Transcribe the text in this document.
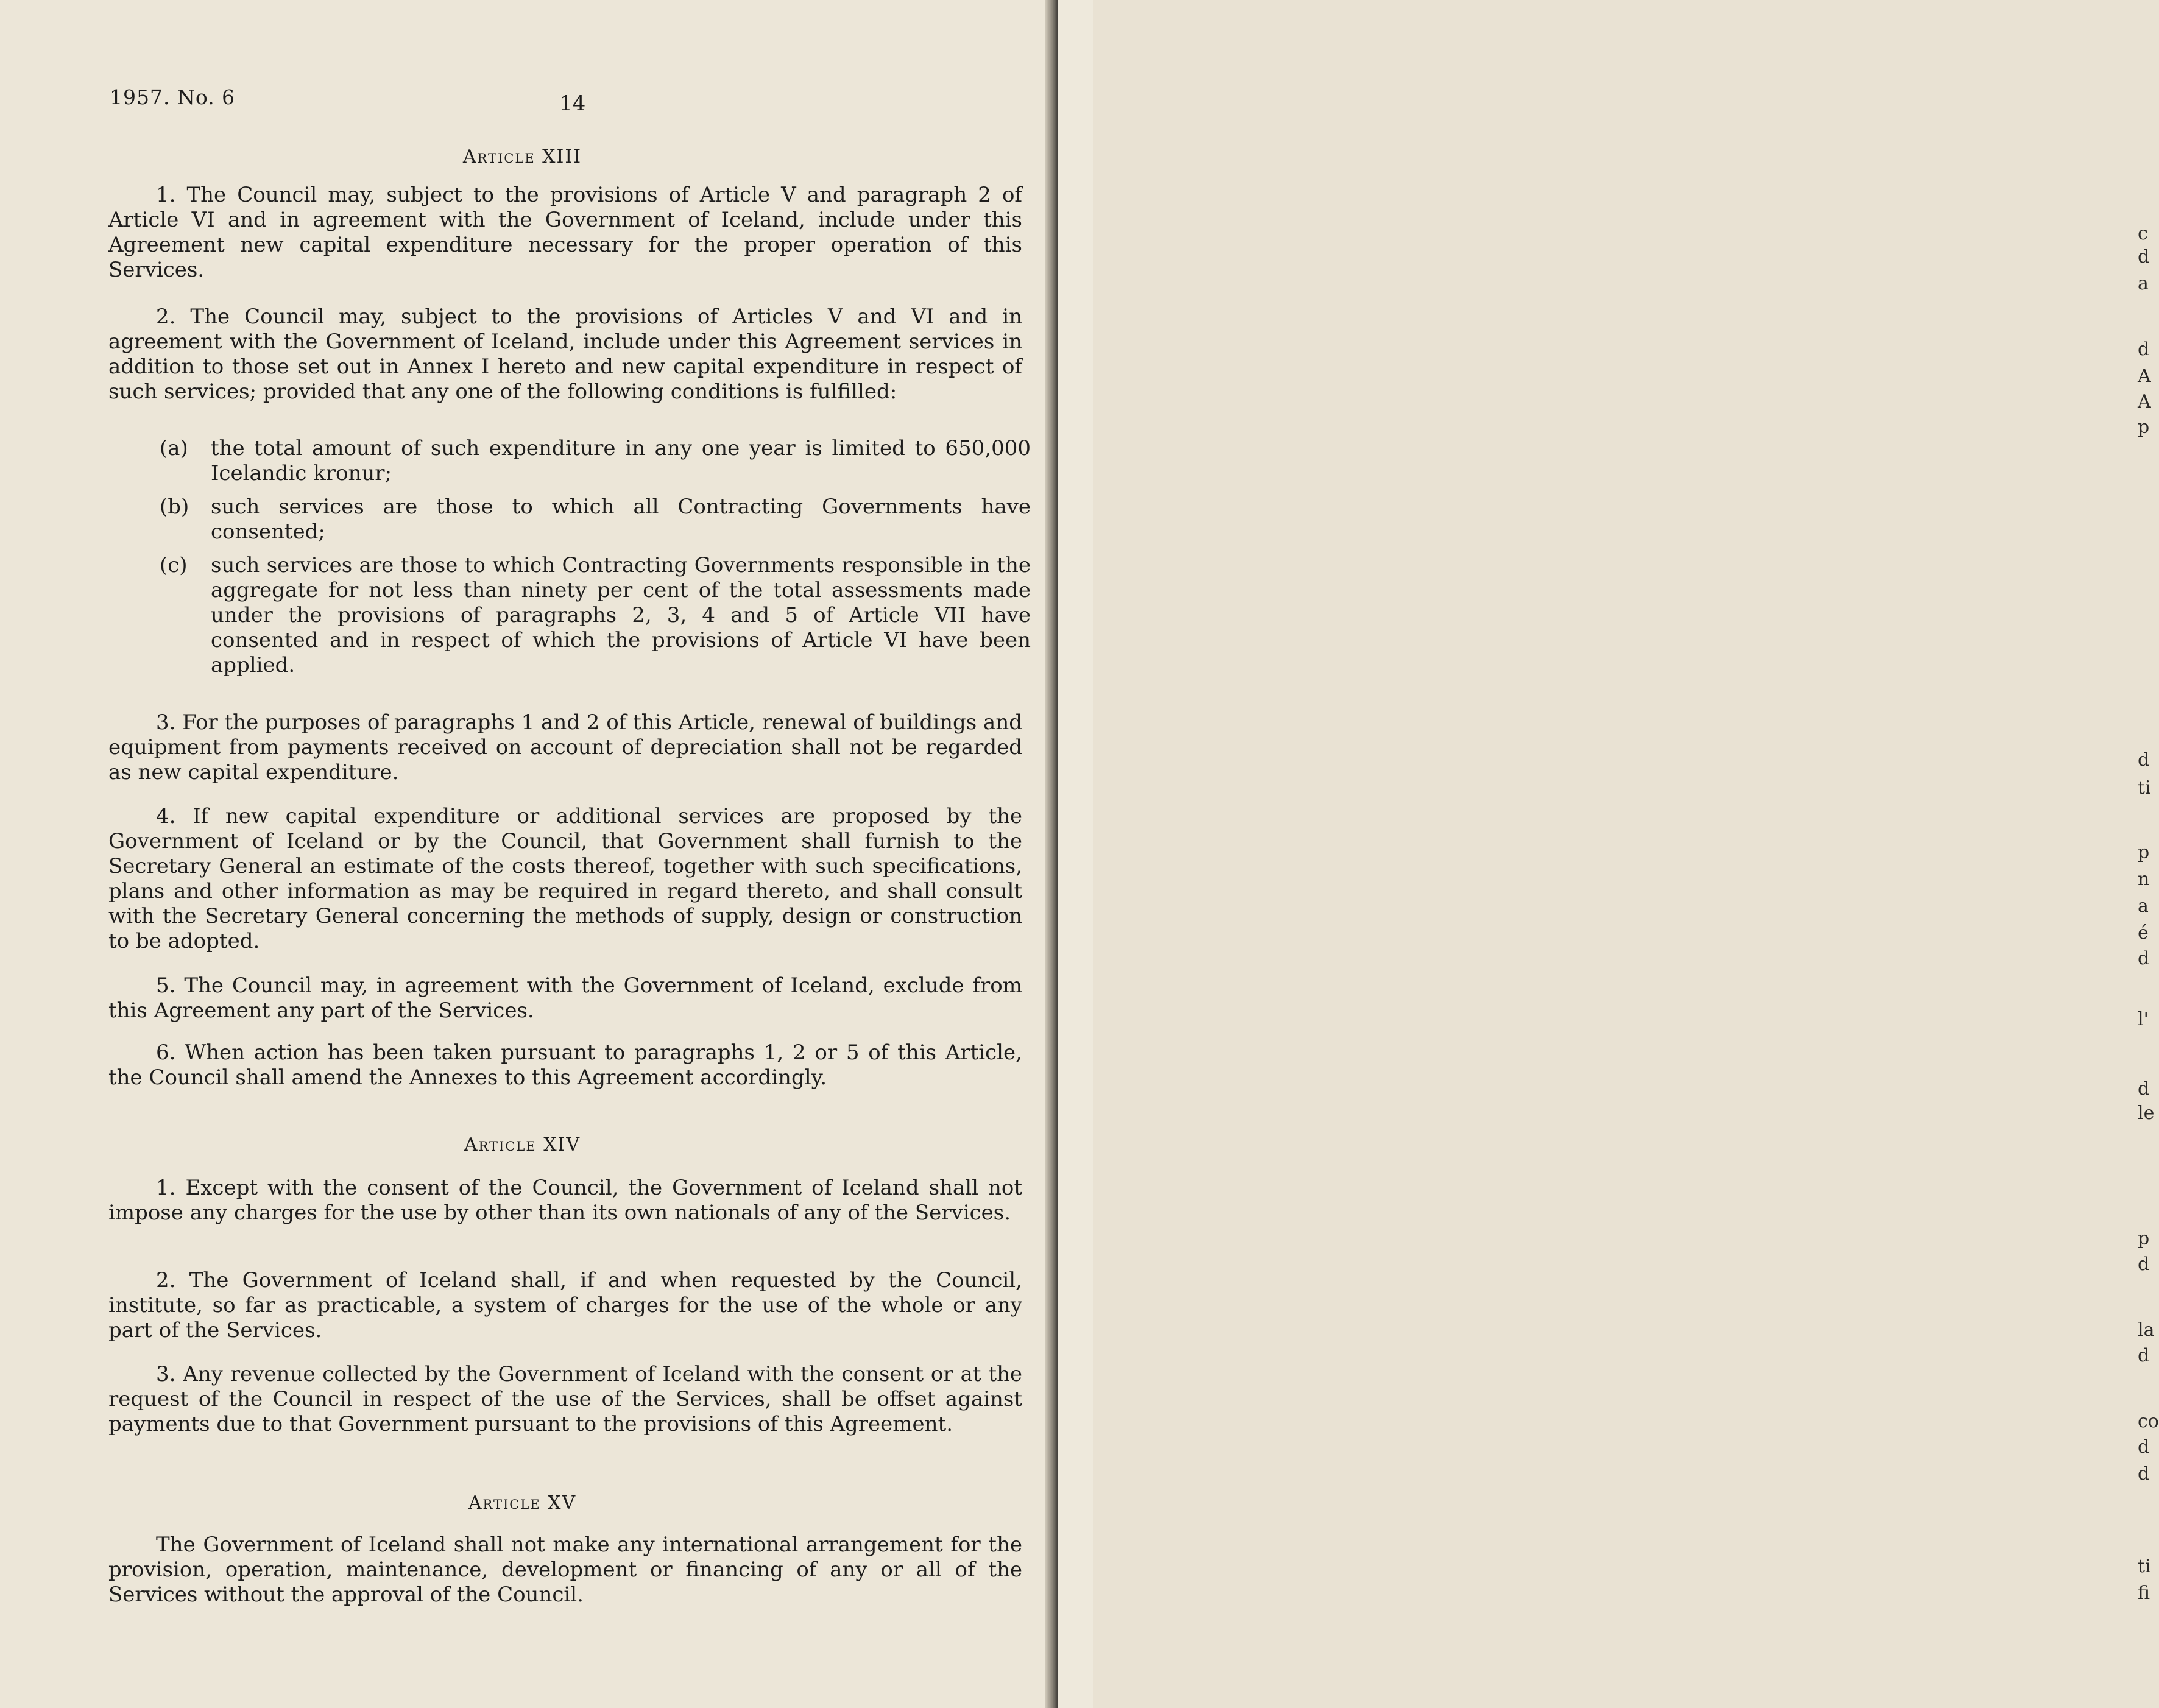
1957. No. 6	14
Article XIII
1. The Council may, subject to the provisions of Article V and paragraph 2 of Article VI and in agreement with the Government of Iceland, include under this Agreement new capital expenditure necessary for the proper operation of this Services.
2. The Council may, subject to the provisions of Articles V and VI and in agreement with the Government of Iceland, include under this Agreement services in addition to those set out in Annex I hereto and new capital expenditure in respect of such services; provided that any one of the following conditions is fulfilled:
(a) the total amount of such expenditure in any one year is limited to 650,000 Icelandic kronur;
(b) such services are those to which all Contracting Governments have consented;
(c) such services are those to which Contracting Governments responsible in the aggregate for not less than ninety per cent of the total assessments made under the provisions of paragraphs 2, 3, 4 and 5 of Article VII have consented and in respect of which the provisions of Article VI have been applied.
3. For the purposes of paragraphs 1 and 2 of this Article, renewal of buildings and equipment from payments received on account of depreciation shall not be regarded as new capital expenditure.
4. If new capital expenditure or additional services are proposed by the Government of Iceland or by the Council, that Government shall furnish to the Secretary General an estimate of the costs thereof, together with such specifications, plans and other information as may be required in regard thereto, and shall consult with the Secretary General concerning the methods of supply, design or construction to be adopted.
5. The Council may, in agreement with the Government of Iceland, exclude from this Agreement any part of the Services.
6. When action has been taken pursuant to paragraphs 1, 2 or 5 of this Article, the Council shall amend the Annexes to this Agreement accordingly.
Article XIV
1. Except with the consent of the Council, the Government of Iceland shall not impose any charges for the use by other than its own nationals of any of the Services.
2. The Government of Iceland shall, if and when requested by the Council, institute, so far as practicable, a system of charges for the use of the whole or any part of the Services.
3. Any revenue collected by the Government of Iceland with the consent or at the request of the Council in respect of the use of the Services, shall be offset against payments due to that Government pursuant to the provisions of this Agreement.
Article XV
The Government of Iceland shall not make any international arrangement for the provision, operation, maintenance, development or financing of any or all of the Services without the approval of the Council.
c
d
a
d
A
A
p
d
ti
p
n
a
é
d
l'
d
le
p
d
la
d
co
d
d
ti
fi
